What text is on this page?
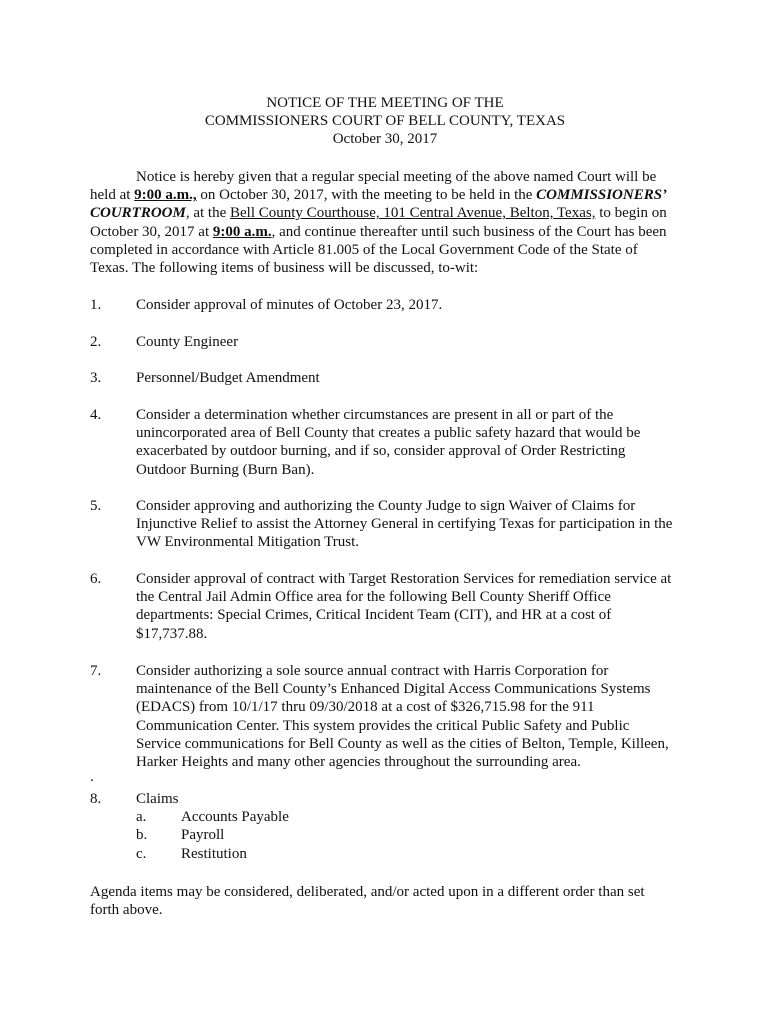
NOTICE OF THE MEETING OF THE
COMMISSIONERS COURT OF BELL COUNTY, TEXAS
October 30, 2017
Notice is hereby given that a regular special meeting of the above named Court will be
held at 9:00 a.m., on October 30, 2017, with the meeting to be held in the COMMISSIONERS’
COURTROOM, at the Bell County Courthouse, 101 Central Avenue, Belton, Texas, to begin on
October 30, 2017 at 9:00 a.m., and continue thereafter until such business of the Court has been
completed in accordance with Article 81.005 of the Local Government Code of the State of
Texas. The following items of business will be discussed, to-wit:
1. Consider approval of minutes of October 23, 2017.
2. County Engineer
3. Personnel/Budget Amendment
4. Consider a determination whether circumstances are present in all or part of the
unincorporated area of Bell County that creates a public safety hazard that would be
exacerbated by outdoor burning, and if so, consider approval of Order Restricting
Outdoor Burning (Burn Ban).
5. Consider approving and authorizing the County Judge to sign Waiver of Claims for
Injunctive Relief to assist the Attorney General in certifying Texas for participation in the
VW Environmental Mitigation Trust.
6. Consider approval of contract with Target Restoration Services for remediation service at
the Central Jail Admin Office area for the following Bell County Sheriff Office
departments: Special Crimes, Critical Incident Team (CIT), and HR at a cost of
$17,737.88.
7. Consider authorizing a sole source annual contract with Harris Corporation for
maintenance of the Bell County’s Enhanced Digital Access Communications Systems
(EDACS) from 10/1/17 thru 09/30/2018 at a cost of $326,715.98 for the 911
Communication Center. This system provides the critical Public Safety and Public
Service communications for Bell County as well as the cities of Belton, Temple, Killeen,
Harker Heights and many other agencies throughout the surrounding area.
.
8. Claims
a. Accounts Payable
b. Payroll
c. Restitution
Agenda items may be considered, deliberated, and/or acted upon in a different order than set
forth above.
